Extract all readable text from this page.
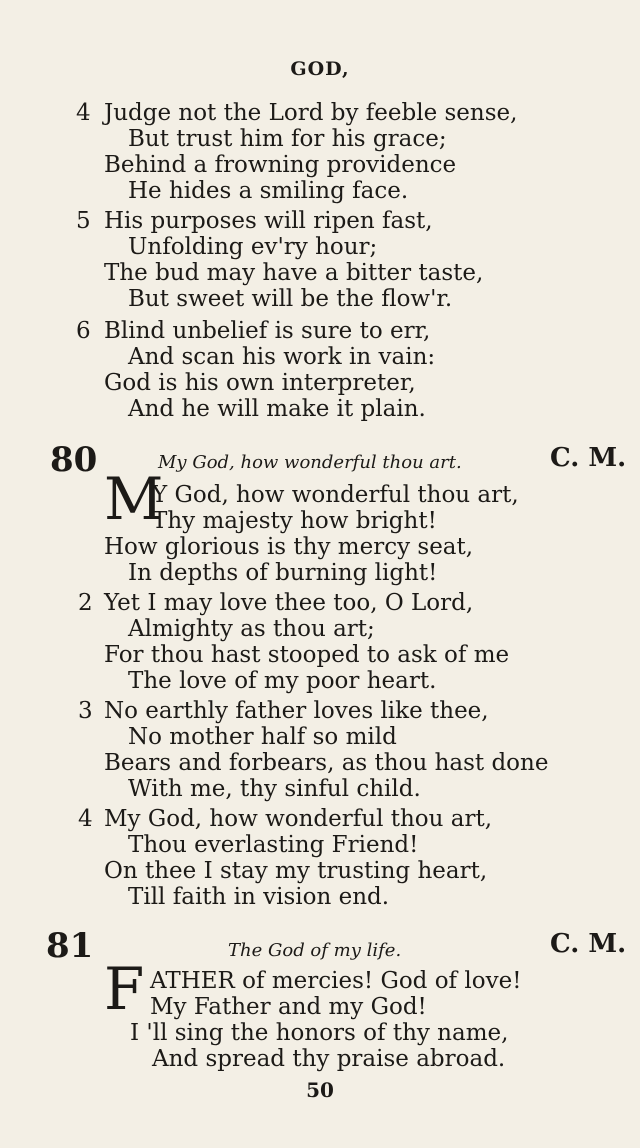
GOD,
4 Judge not the Lord by feeble sense,
But trust him for his grace;
Behind a frowning providence
He hides a smiling face.
5 His purposes will ripen fast,
Unfolding ev'ry hour;
The bud may have a bitter taste,
But sweet will be the flow'r.
6 Blind unbelief is sure to err,
And scan his work in vain:
God is his own interpreter,
And he will make it plain.
80	My God, how wonderful thou art.	C. M.
M
Y God, how wonderful thou art,
Thy majesty how bright!
How glorious is thy mercy seat,
In depths of burning light!
2 Yet I may love thee too, O Lord,
Almighty as thou art;
For thou hast stooped to ask of me
The love of my poor heart.
3 No earthly father loves like thee,
No mother half so mild
Bears and forbears, as thou hast done
With me, thy sinful child.
4 My God, how wonderful thou art,
Thou everlasting Friend!
On thee I stay my trusting heart,
Till faith in vision end.
81	The God of my life.	C. M.
F ATHER of mercies! God of love!
My Father and my God!
I 'll sing the honors of thy name,
And spread thy praise abroad.
50
